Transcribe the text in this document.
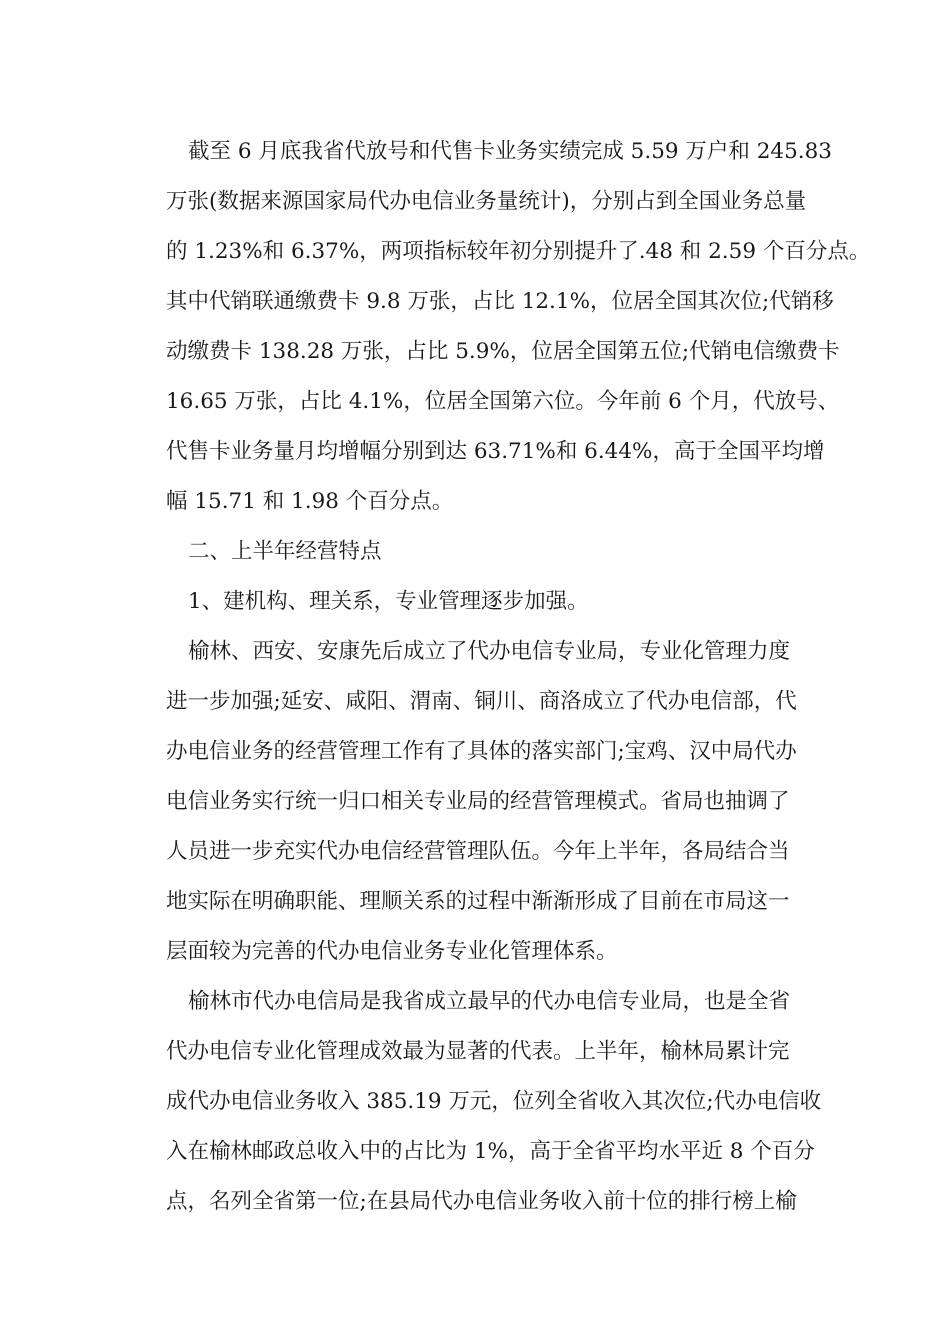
截至 6 月底我省代放号和代售卡业务实绩完成 5.59 万户和 245.83
万张(数据来源国家局代办电信业务量统计)，分别占到全国业务总量
的 1.23%和 6.37%，两项指标较年初分别提升了.48 和 2.59 个百分点。
其中代销联通缴费卡 9.8 万张，占比 12.1%，位居全国其次位;代销移
动缴费卡 138.28 万张，占比 5.9%，位居全国第五位;代销电信缴费卡
16.65 万张，占比 4.1%，位居全国第六位。今年前 6 个月，代放号、
代售卡业务量月均增幅分别到达 63.71%和 6.44%，高于全国平均增
幅 15.71 和 1.98 个百分点。

二、上半年经营特点

1、建机构、理关系，专业管理逐步加强。

榆林、西安、安康先后成立了代办电信专业局，专业化管理力度
进一步加强;延安、咸阳、渭南、铜川、商洛成立了代办电信部，代
办电信业务的经营管理工作有了具体的落实部门;宝鸡、汉中局代办
电信业务实行统一归口相关专业局的经营管理模式。省局也抽调了
人员进一步充实代办电信经营管理队伍。今年上半年，各局结合当
地实际在明确职能、理顺关系的过程中渐渐形成了目前在市局这一
层面较为完善的代办电信业务专业化管理体系。

榆林市代办电信局是我省成立最早的代办电信专业局，也是全省
代办电信专业化管理成效最为显著的代表。上半年，榆林局累计完
成代办电信业务收入 385.19 万元，位列全省收入其次位;代办电信收
入在榆林邮政总收入中的占比为 1%，高于全省平均水平近 8 个百分
点，名列全省第一位;在县局代办电信业务收入前十位的排行榜上榆
